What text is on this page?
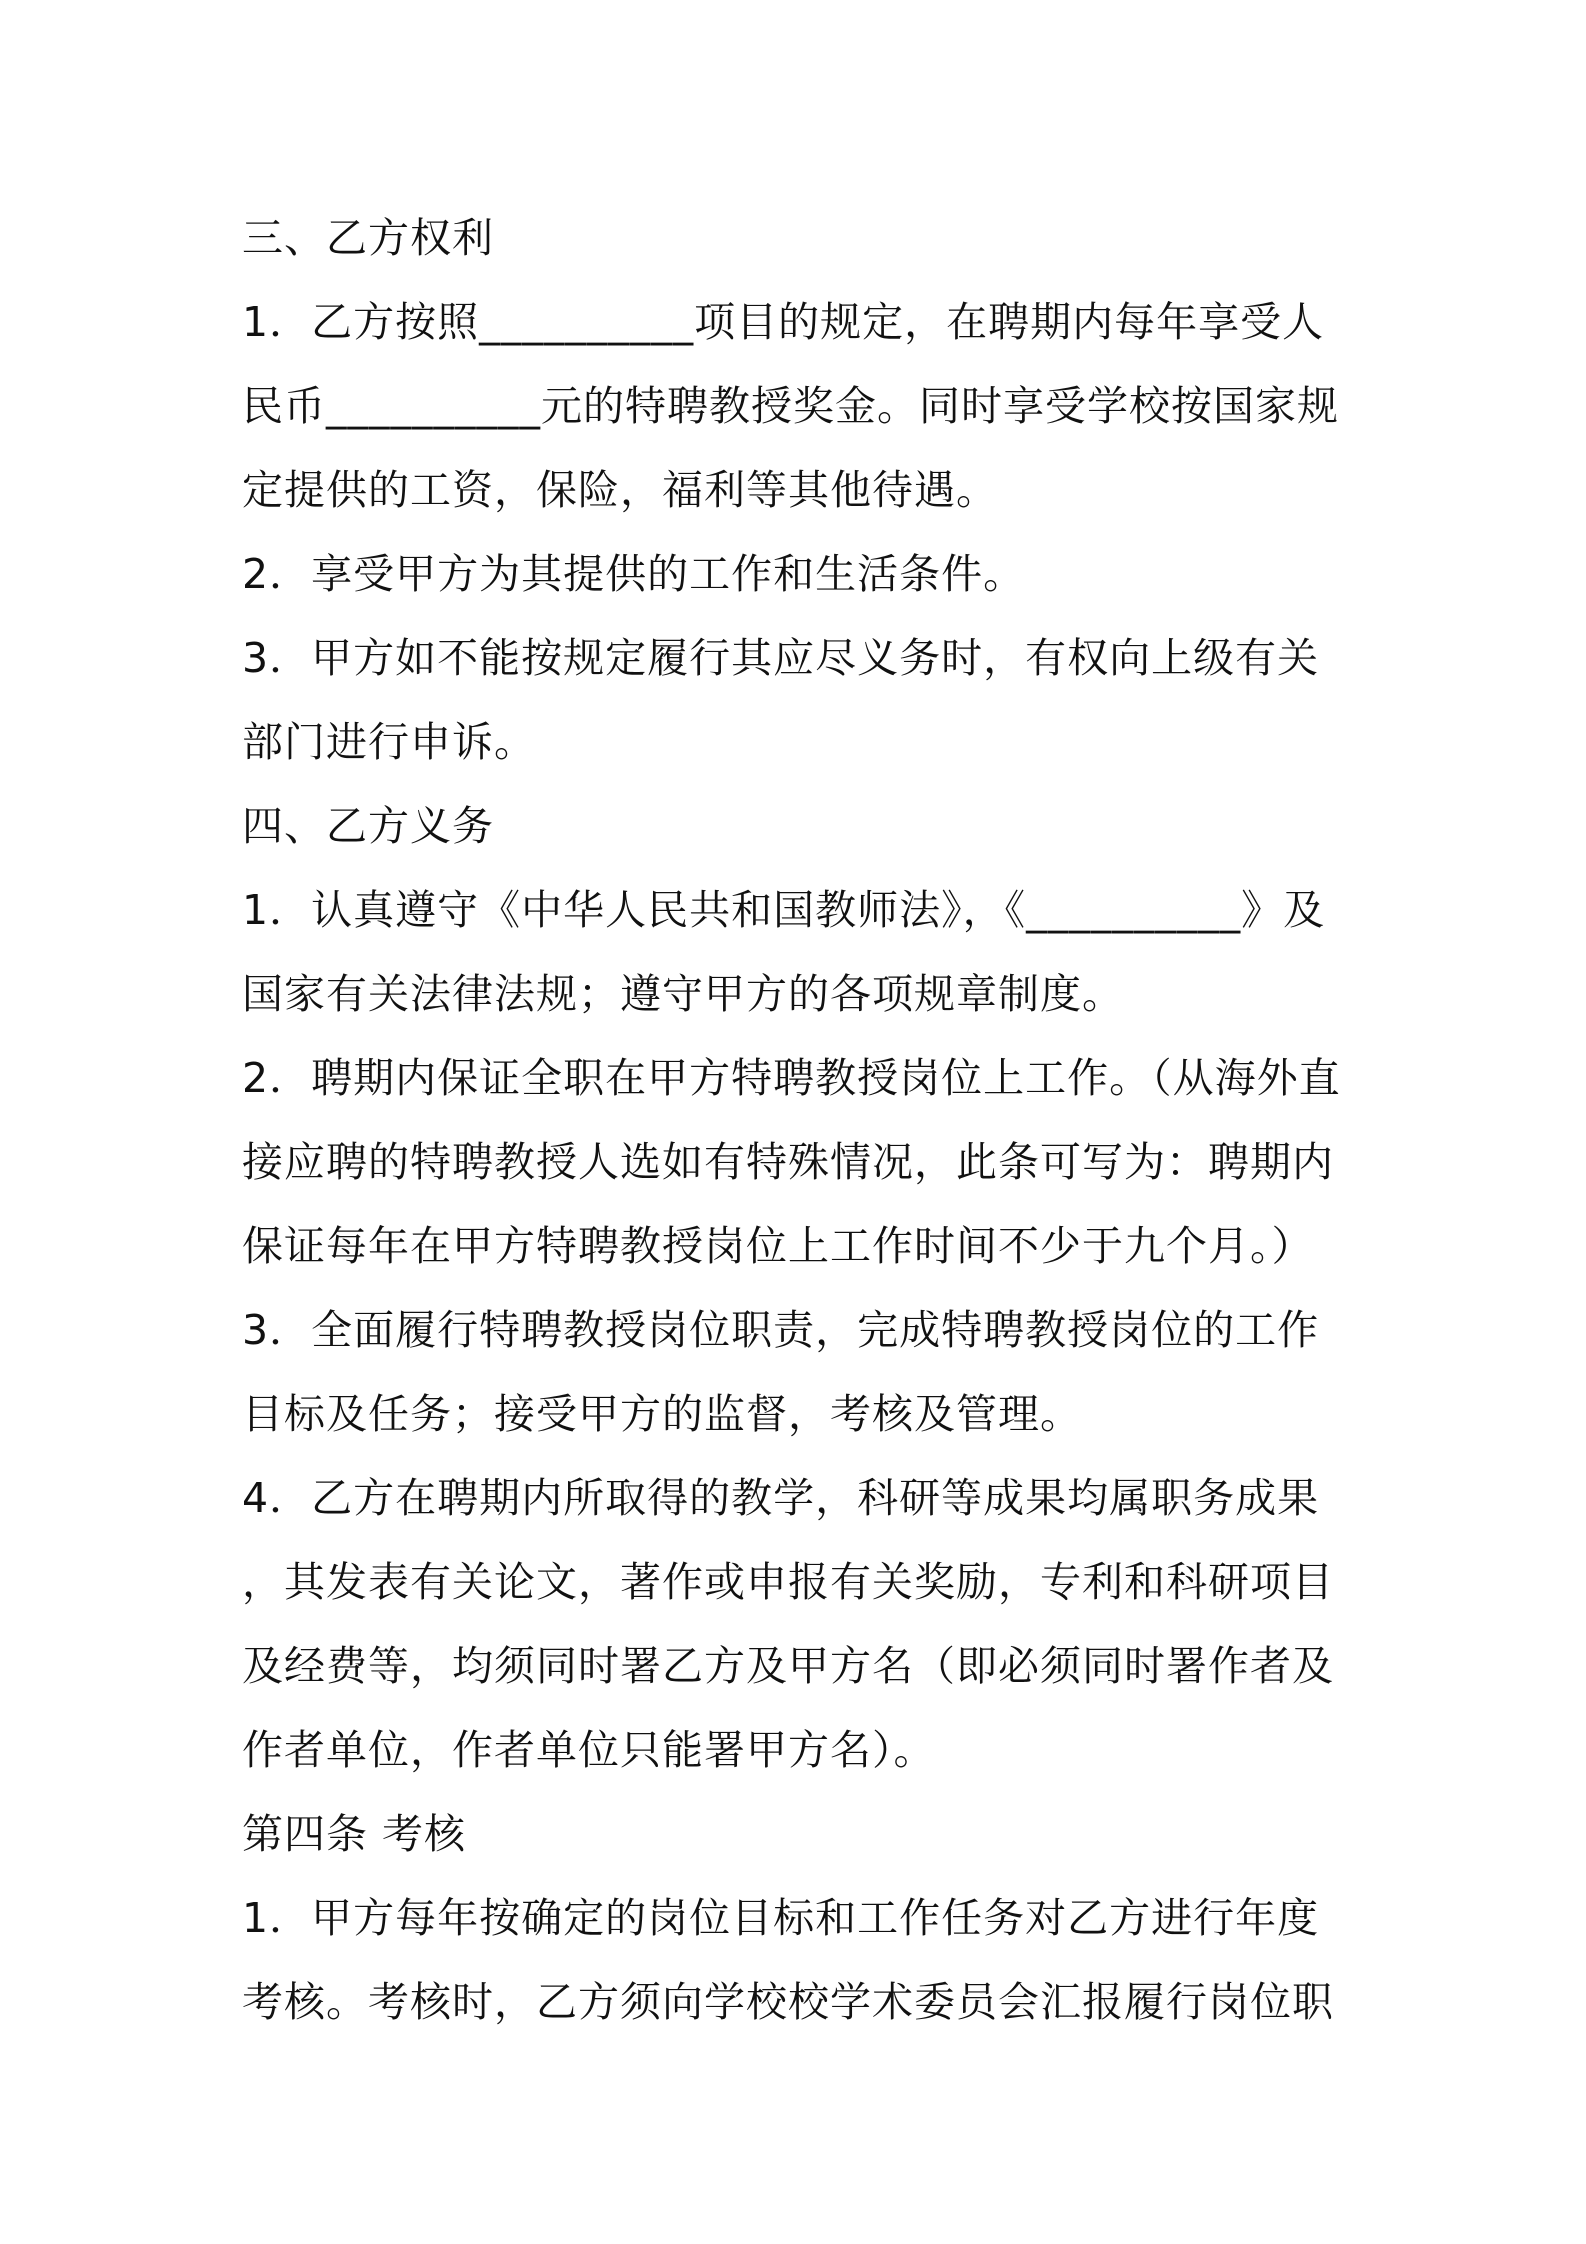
三、乙方权利
1．乙方按照__________项目的规定，在聘期内每年享受人
民币__________元的特聘教授奖金。同时享受学校按国家规
定提供的工资，保险，福利等其他待遇。
2．享受甲方为其提供的工作和生活条件。
3．甲方如不能按规定履行其应尽义务时，有权向上级有关
部门进行申诉。
四、乙方义务
1．认真遵守《中华人民共和国教师法》，《__________》及
国家有关法律法规；遵守甲方的各项规章制度。
2．聘期内保证全职在甲方特聘教授岗位上工作。（从海外直
接应聘的特聘教授人选如有特殊情况，此条可写为：聘期内
保证每年在甲方特聘教授岗位上工作时间不少于九个月。）
3．全面履行特聘教授岗位职责，完成特聘教授岗位的工作
目标及任务；接受甲方的监督，考核及管理。
4．乙方在聘期内所取得的教学，科研等成果均属职务成果
，其发表有关论文，著作或申报有关奖励，专利和科研项目
及经费等，均须同时署乙方及甲方名（即必须同时署作者及
作者单位，作者单位只能署甲方名）。
第四条 考核
1．甲方每年按确定的岗位目标和工作任务对乙方进行年度
考核。考核时，乙方须向学校校学术委员会汇报履行岗位职
